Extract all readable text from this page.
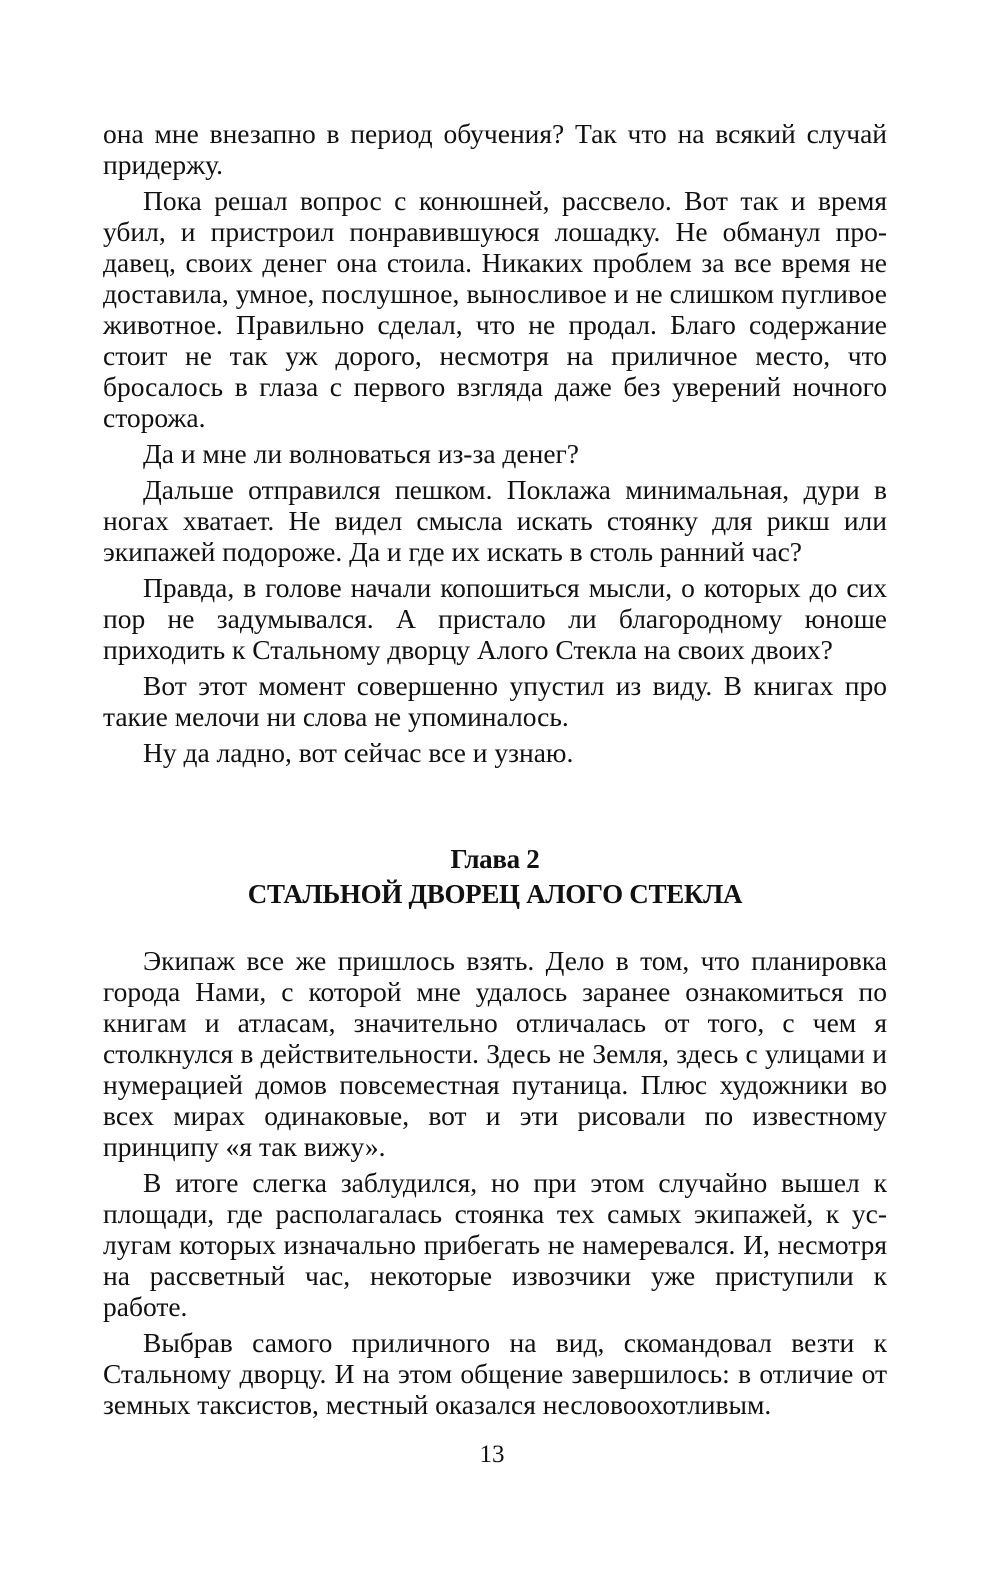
она мне внезапно в период обучения? Так что на всякий случай придержу.

Пока решал вопрос с конюшней, рассвело. Вот так и время убил, и пристроил понравившуюся лошадку. Не обманул продавец, своих денег она стоила. Никаких проблем за все время не доставила, умное, послушное, выносливое и не слишком пугливое животное. Правильно сделал, что не продал. Благо содержание стоит не так уж дорого, несмотря на приличное место, что бросалось в глаза с первого взгляда даже без уверений ночного сторожа.

Да и мне ли волноваться из-за денег?

Дальше отправился пешком. Поклажа минимальная, дури в ногах хватает. Не видел смысла искать стоянку для рикш или экипажей подороже. Да и где их искать в столь ранний час?

Правда, в голове начали копошиться мысли, о которых до сих пор не задумывался. А пристало ли благородному юноше приходить к Стальному дворцу Алого Стекла на своих двоих?

Вот этот момент совершенно упустил из виду. В книгах про такие мелочи ни слова не упоминалось.

Ну да ладно, вот сейчас все и узнаю.

Глава 2
СТАЛЬНОЙ ДВОРЕЦ АЛОГО СТЕКЛА

Экипаж все же пришлось взять. Дело в том, что планировка города Нами, с которой мне удалось заранее ознакомиться по книгам и атласам, значительно отличалась от того, с чем я столкнулся в действительности. Здесь не Земля, здесь с улицами и нумерацией домов повсеместная путаница. Плюс художники во всех мирах одинаковые, вот и эти рисовали по известному принципу «я так вижу».

В итоге слегка заблудился, но при этом случайно вышел к площади, где располагалась стоянка тех самых экипажей, к услугам которых изначально прибегать не намеревался. И, несмотря на рассветный час, некоторые извозчики уже приступили к работе.

Выбрав самого приличного на вид, скомандовал везти к Стальному дворцу. И на этом общение завершилось: в отличие от земных таксистов, местный оказался несловоохотливым.

13
